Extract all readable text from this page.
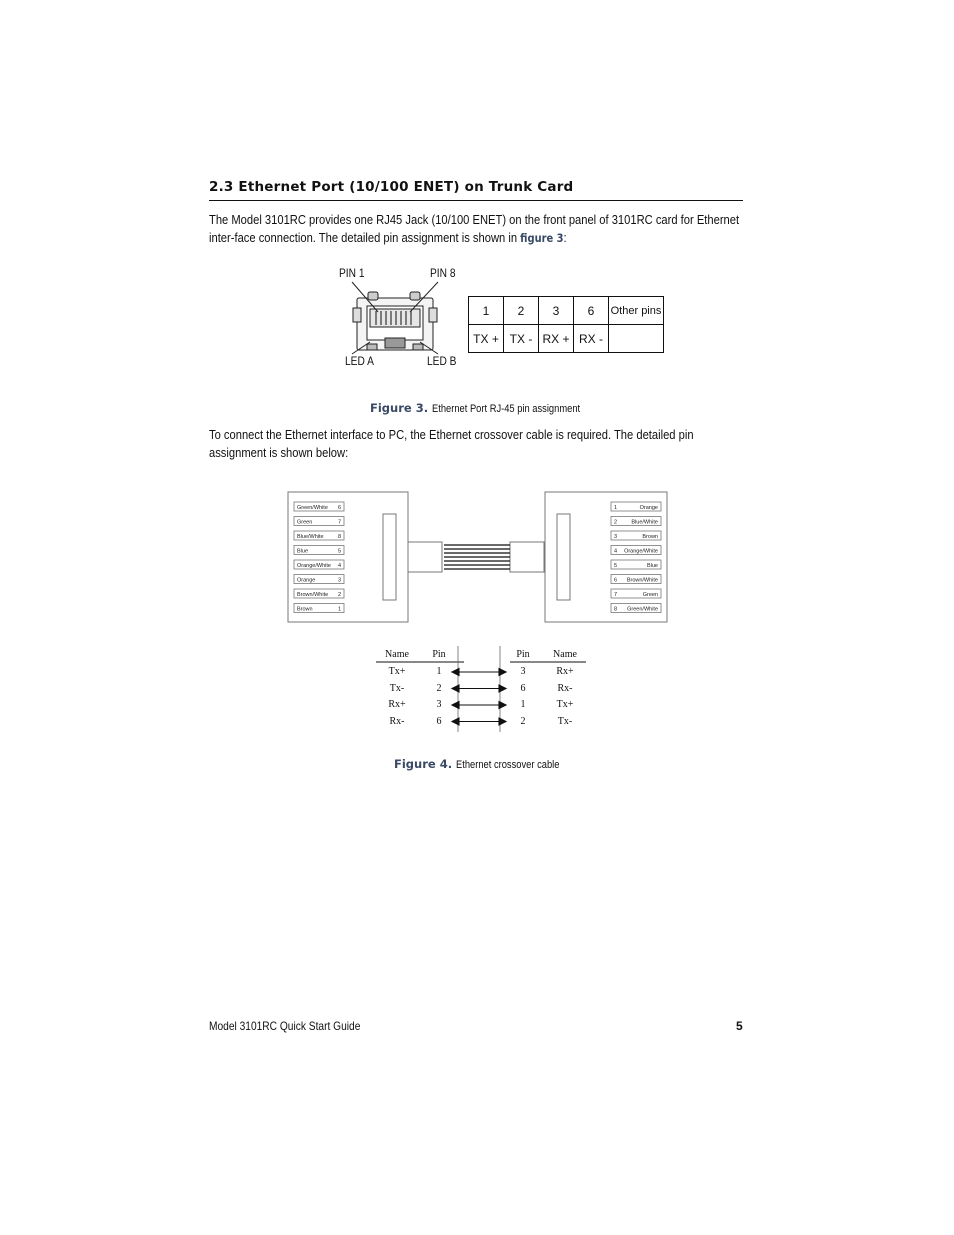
2.3 Ethernet Port (10/100 ENET) on Trunk Card
The Model 3101RC provides one RJ45 Jack (10/100 ENET) on the front panel of 3101RC card for Ethernet inter-face connection. The detailed pin assignment is shown in figure 3:
PIN 1	PIN 8
LED A	LED B
1	2	3	6	Other pins
TX +	TX -	RX +	RX -	
Figure 3. Ethernet Port RJ-45 pin assignment
To connect the Ethernet interface to PC, the Ethernet crossover cable is required. The detailed pin assignment is shown below:
Green/White 6
Green	7
Blue/White	8
Blue	5
Orange/White 4
Orange	3
Brown/White 2
Brown	1
1	Orange
2	Blue/White
3	Brown
4 Orange/White
5	Blue
6 Brown/White
7	Green
8 Green/White
Name	Pin	Pin	Name
Tx+	1	3	Rx+
Tx-	2	6	Rx-
Rx+	3	1	Tx+
Rx-	6	2	Tx-
Figure 4. Ethernet crossover cable
Model 3101RC Quick Start Guide	5
